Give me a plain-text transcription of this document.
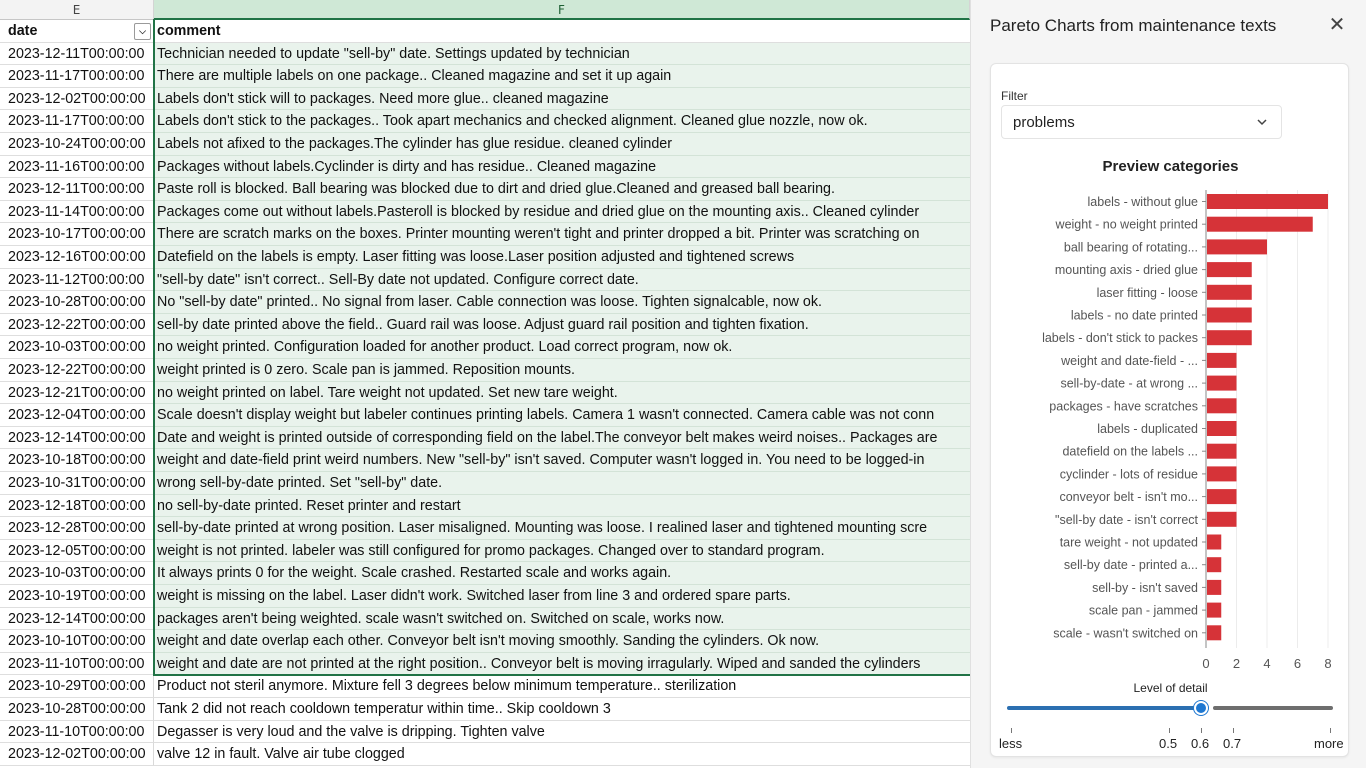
E	F
date	⌵ comment
2023-12-11T00:00:00 Technician needed to update "sell-by" date. Settings updated by technician
2023-11-17T00:00:00 There are multiple labels on one package.. Cleaned magazine and set it up again
2023-12-02T00:00:00 Labels don't stick will to packages. Need more glue.. cleaned magazine
2023-11-17T00:00:00 Labels don't stick to the packages.. Took apart mechanics and checked alignment. Cleaned glue nozzle, now ok.
2023-10-24T00:00:00 Labels not afixed to the packages.The cylinder has glue residue. cleaned cylinder
2023-11-16T00:00:00 Packages without labels.Cyclinder is dirty and has residue.. Cleaned magazine
2023-12-11T00:00:00 Paste roll is blocked. Ball bearing was blocked due to dirt and dried glue.Cleaned and greased ball bearing.
2023-11-14T00:00:00 Packages come out without labels.Pasteroll is blocked by residue and dried glue on the mounting axis.. Cleaned cylinder
2023-10-17T00:00:00 There are scratch marks on the boxes. Printer mounting weren't tight and printer dropped a bit. Printer was scratching on
2023-12-16T00:00:00 Datefield on the labels is empty. Laser fitting was loose.Laser position adjusted and tightened screws
2023-11-12T00:00:00 "sell-by date" isn't correct.. Sell-By date not updated. Configure correct date.
2023-10-28T00:00:00 No "sell-by date" printed.. No signal from laser. Cable connection was loose. Tighten signalcable, now ok.
2023-12-22T00:00:00 sell-by date printed above the field.. Guard rail was loose. Adjust guard rail position and tighten fixation.
2023-10-03T00:00:00 no weight printed. Configuration loaded for another product. Load correct program, now ok.
2023-12-22T00:00:00 weight printed is 0 zero. Scale pan is jammed. Reposition mounts.
2023-12-21T00:00:00 no weight printed on label. Tare weight not updated. Set new tare weight.
2023-12-04T00:00:00 Scale doesn't display weight but labeler continues printing labels. Camera 1 wasn't connected. Camera cable was not conn
2023-12-14T00:00:00 Date and weight is printed outside of corresponding field on the label.The conveyor belt makes weird noises.. Packages are
2023-10-18T00:00:00 weight and date-field print weird numbers. New "sell-by" isn't saved. Computer wasn't logged in. You need to be logged-in
2023-10-31T00:00:00 wrong sell-by-date printed. Set "sell-by" date.
2023-12-18T00:00:00 no sell-by-date printed. Reset printer and restart
2023-12-28T00:00:00 sell-by-date printed at wrong position. Laser misaligned. Mounting was loose. I realined laser and tightened mounting scre
2023-12-05T00:00:00 weight is not printed. labeler was still configured for promo packages. Changed over to standard program.
2023-10-03T00:00:00 It always prints 0 for the weight. Scale crashed. Restarted scale and works again.
2023-10-19T00:00:00 weight is missing on the label. Laser didn't work. Switched laser from line 3 and ordered spare parts.
2023-12-14T00:00:00 packages aren't being weighted. scale wasn't switched on. Switched on scale, works now.
2023-10-10T00:00:00 weight and date overlap each other. Conveyor belt isn't moving smoothly. Sanding the cylinders. Ok now.
2023-11-10T00:00:00 weight and date are not printed at the right position.. Conveyor belt is moving irragularly. Wiped and sanded the cylinders
2023-10-29T00:00:00 Product not steril anymore. Mixture fell 3 degrees below minimum temperature.. sterilization
2023-10-28T00:00:00 Tank 2 did not reach cooldown temperatur within time.. Skip cooldown 3
2023-11-10T00:00:00 Degasser is very loud and the valve is dripping. Tighten valve
2023-12-02T00:00:00 valve 12 in fault. Valve air tube clogged
Pareto Charts from maintenance texts	✕
Filter
problems
Preview categories
0 2 4 6 8
labels - without glue
weight - no weight printed
ball bearing of rotating...
mounting axis - dried glue
laser fitting - loose
labels - no date printed
labels - don't stick to packes
weight and date-field - ...
sell-by-date - at wrong ...
packages - have scratches
labels - duplicated
datefield on the labels ...
cyclinder - lots of residue
conveyor belt - isn't mo...
"sell-by date - isn't correct
tare weight - not updated
sell-by date - printed a...
sell-by - isn't saved
scale pan - jammed
scale - wasn't switched on
Level of detail
less	more
0.5 0.6 0.7
